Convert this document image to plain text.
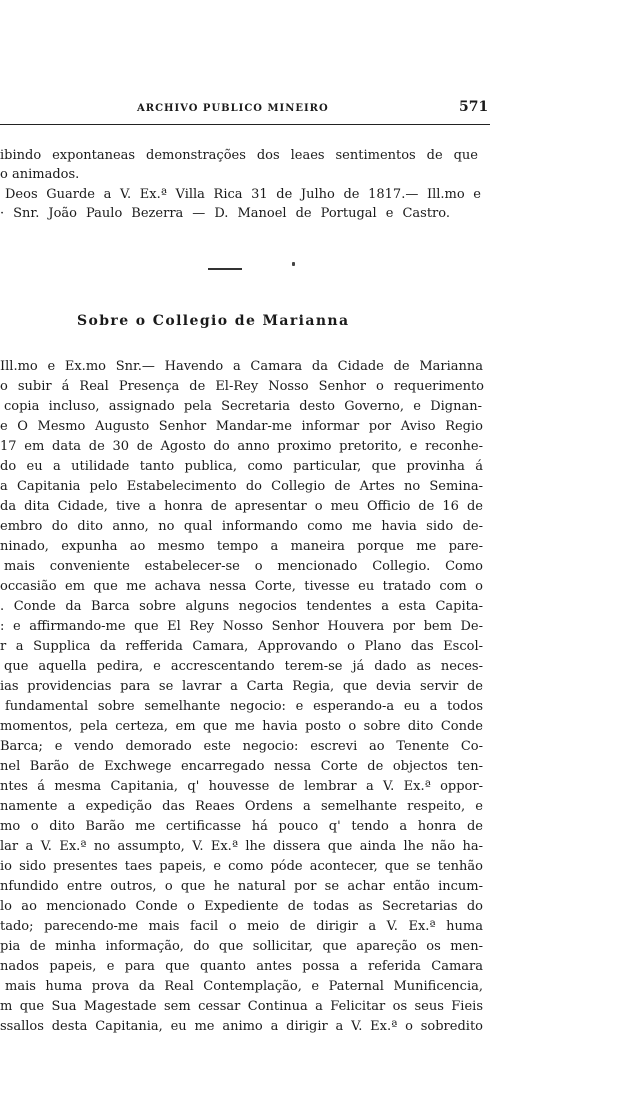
ARCHIVO PUBLICO MINEIRO	571
ibindo expontaneas demonstrações dos leaes sentimentos de que
o animados.
Deos Guarde a V. Ex.ª Villa Rica 31 de Julho de 1817.— Ill.mo e
· Snr. João Paulo Bezerra — D. Manoel de Portugal e Castro.
Sobre o Collegio de Marianna
Ill.mo e Ex.mo Snr.— Havendo a Camara da Cidade de Marianna
o subir á Real Presença de El-Rey Nosso Senhor o requerimento
copia incluso, assignado pela Secretaria desto Governo, e Dignan-
e O Mesmo Augusto Senhor Mandar-me informar por Aviso Regio
17 em data de 30 de Agosto do anno proximo pretorito, e reconhe-
do eu a utilidade tanto publica, como particular, que provinha á
a Capitania pelo Estabelecimento do Collegio de Artes no Semina-
da dita Cidade, tive a honra de apresentar o meu Officio de 16 de
embro do dito anno, no qual informando como me havia sido de-
ninado, expunha ao mesmo tempo a maneira porque me pare-
mais conveniente estabelecer-se o mencionado Collegio. Como
occasião em que me achava nessa Corte, tivesse eu tratado com o
. Conde da Barca sobre alguns negocios tendentes a esta Capita-
: e affirmando-me que El Rey Nosso Senhor Houvera por bem De-
r a Supplica da refferida Camara, Approvando o Plano das Escol-
que aquella pedira, e accrescentando terem-se já dado as neces-
ias providencias para se lavrar a Carta Regia, que devia servir de
fundamental sobre semelhante negocio: e esperando-a eu a todos
momentos, pela certeza, em que me havia posto o sobre dito Conde
Barca; e vendo demorado este negocio: escrevi ao Tenente Co-
nel Barão de Exchwege encarregado nessa Corte de objectos ten-
ntes á mesma Capitania, q' houvesse de lembrar a V. Ex.ª oppor-
namente a expedição das Reaes Ordens a semelhante respeito, e
mo o dito Barão me certificasse há pouco q' tendo a honra de
lar a V. Ex.ª no assumpto, V. Ex.ª lhe dissera que ainda lhe não ha-
io sido presentes taes papeis, e como póde acontecer, que se tenhão
nfundido entre outros, o que he natural por se achar então incum-
lo ao mencionado Conde o Expediente de todas as Secretarias do
tado; parecendo-me mais facil o meio de dirigir a V. Ex.ª huma
pia de minha informação, do que sollicitar, que apareção os men-
nados papeis, e para que quanto antes possa a referida Camara
mais huma prova da Real Contemplação, e Paternal Munificencia,
m que Sua Magestade sem cessar Continua a Felicitar os seus Fieis
ssallos desta Capitania, eu me animo a dirigir a V. Ex.ª o sobredito
